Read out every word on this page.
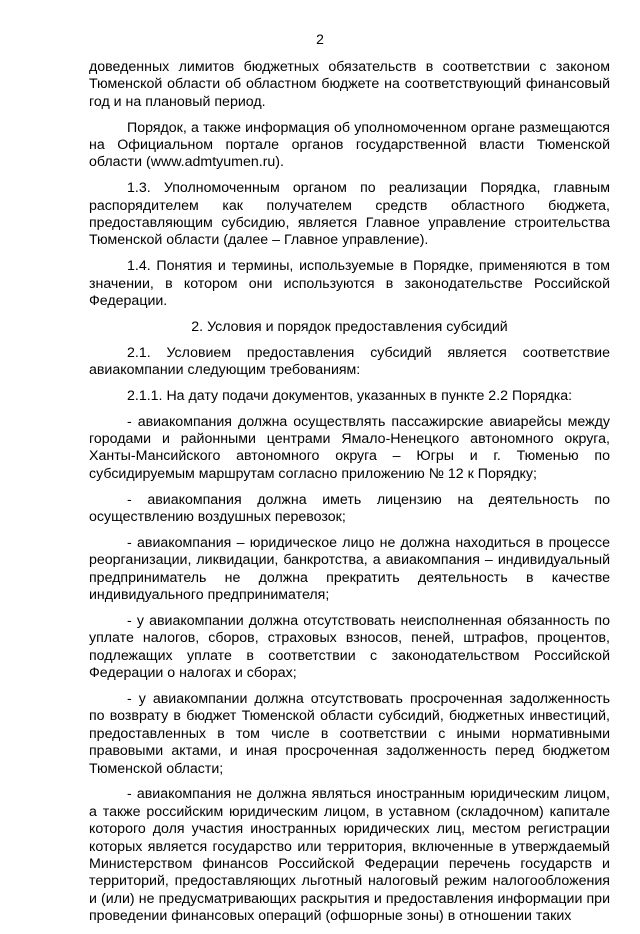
2

доведенных лимитов бюджетных обязательств в соответствии с законом Тюменской области об областном бюджете на соответствующий финансовый год и на плановый период.

Порядок, а также информация об уполномоченном органе размещаются на Официальном портале органов государственной власти Тюменской области (www.admtyumen.ru).

1.3. Уполномоченным органом по реализации Порядка, главным распорядителем как получателем средств областного бюджета, предоставляющим субсидию, является Главное управление строительства Тюменской области (далее – Главное управление).

1.4. Понятия и термины, используемые в Порядке, применяются в том значении, в котором они используются в законодательстве Российской Федерации.

2. Условия и порядок предоставления субсидий

2.1. Условием предоставления субсидий является соответствие авиакомпании следующим требованиям:

2.1.1. На дату подачи документов, указанных в пункте 2.2 Порядка:

- авиакомпания должна осуществлять пассажирские авиарейсы между городами и районными центрами Ямало-Ненецкого автономного округа, Ханты-Мансийского автономного округа – Югры и г. Тюменью по субсидируемым маршрутам согласно приложению № 12 к Порядку;

- авиакомпания должна иметь лицензию на деятельность по осуществлению воздушных перевозок;

- авиакомпания – юридическое лицо не должна находиться в процессе реорганизации, ликвидации, банкротства, а авиакомпания – индивидуальный предприниматель не должна прекратить деятельность в качестве индивидуального предпринимателя;

- у авиакомпании должна отсутствовать неисполненная обязанность по уплате налогов, сборов, страховых взносов, пеней, штрафов, процентов, подлежащих уплате в соответствии с законодательством Российской Федерации о налогах и сборах;

- у авиакомпании должна отсутствовать просроченная задолженность по возврату в бюджет Тюменской области субсидий, бюджетных инвестиций, предоставленных в том числе в соответствии с иными нормативными правовыми актами, и иная просроченная задолженность перед бюджетом Тюменской области;

- авиакомпания не должна являться иностранным юридическим лицом, а также российским юридическим лицом, в уставном (складочном) капитале которого доля участия иностранных юридических лиц, местом регистрации которых является государство или территория, включенные в утверждаемый Министерством финансов Российской Федерации перечень государств и территорий, предоставляющих льготный налоговый режим налогообложения и (или) не предусматривающих раскрытия и предоставления информации при проведении финансовых операций (офшорные зоны) в отношении таких
